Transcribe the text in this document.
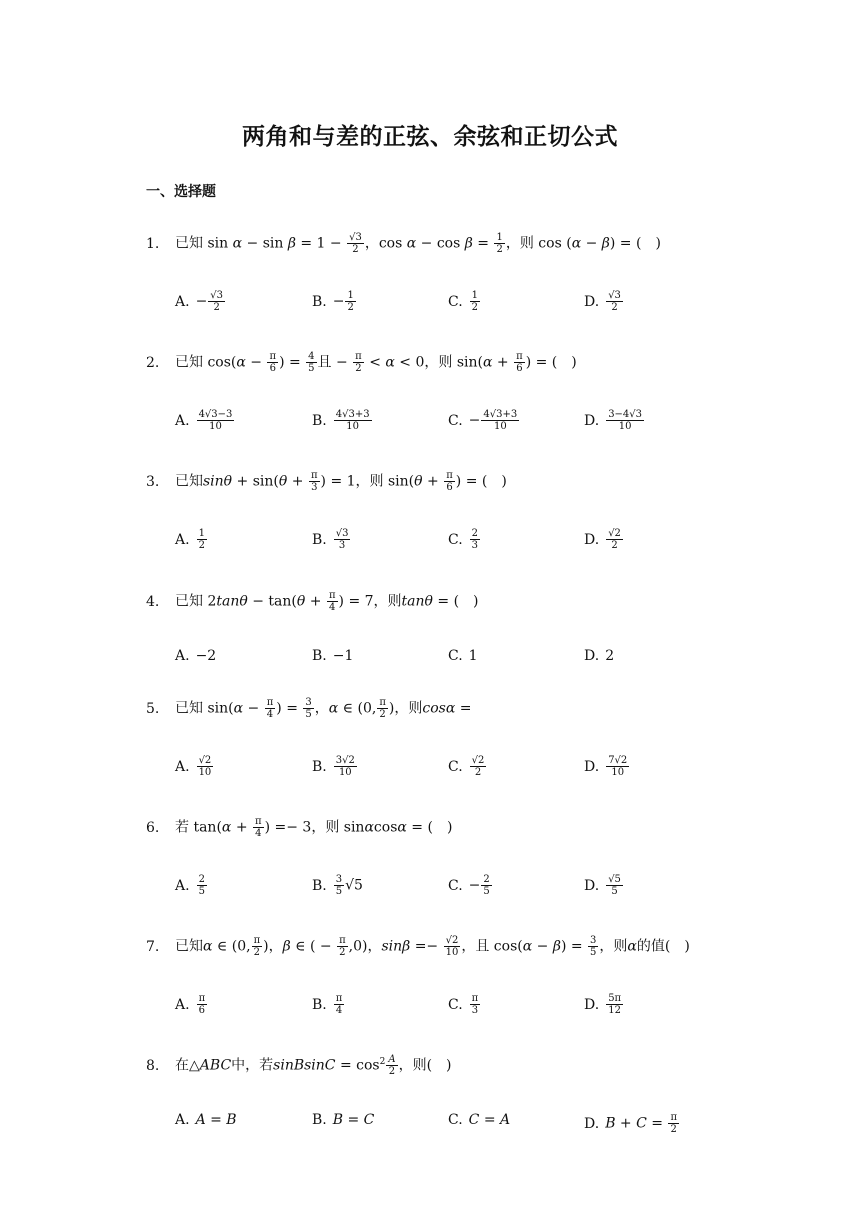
两角和与差的正弦、余弦和正切公式
一、选择题
1. 已知 $\sin \alpha - \sin \beta = 1 - \frac{√3}{2}$ ，$\cos \alpha - \cos \beta = \frac{1}{2}$ ，则 cos (α − β) = (　)
A. − $\frac{√3}{2}$	B. − $\frac{1}{2}$	C. $\frac{1}{2}$	D. $\frac{√3}{2}$
2. 已知 $\cos(\alpha - \frac{\pi}{6}$ ) = $\frac{4}{5}$ 且 − $\frac{\pi}{2} < \alpha < 0$，则 $\sin(\alpha + \frac{\pi}{6}$ ) = (　)
A. $\frac{4√3-3}{10}$	B. $\frac{4√3+3}{10}$	C. − $\frac{4√3+3}{10}$	D. $\frac{3-4√3}{10}$
3. 已知$\sin\theta + \sin(\theta + \frac{\pi}{3}$ ) = 1，则 $\sin(\theta + \frac{\pi}{6}$ ) = (　)
A. $\frac{1}{2}$	B. $\frac{√3}{3}$	C. $\frac{2}{3}$	D. $\frac{√2}{2}$
4. 已知 $2\tan\theta - \tan(\theta + \frac{\pi}{4}$ ) = 7，则tanθ = (　)
A. −2	B. −1	C. 1	D. 2
5. 已知 $\sin(\alpha - \frac{\pi}{4}$ ) = $\frac{3}{5}$ ，α ∈ (0, $\frac{\pi}{2}$ )，则cosα =
A. $\frac{√2}{10}$	B. $\frac{3√2}{10}$	C. $\frac{√2}{2}$	D. $\frac{7√2}{10}$
6. 若 $\tan(\alpha + \frac{\pi}{4}$ ) =− 3，则 sinαcosα = (　)
A. $\frac{2}{5}$	B. $\frac{3}{5} √5$	C. − $\frac{2}{5}$	D. $\frac{√5}{5}$
7. 已知α ∈ (0, $\frac{\pi}{2}$ )，β ∈ ( − $\frac{\pi}{2} ,0$)，$\sin\beta =- \frac{√2}{10}$ ，且 $\cos(\alpha - \beta) = \frac{3}{5}$ ，则α的值(　)
A. $\frac{\pi}{6}$	B. $\frac{\pi}{4}$	C. $\frac{\pi}{3}$	D. $\frac{5\pi}{12}$
8. 在△ABC中，若sinBsinC = $\cos^2 \frac{A}{2}$ ，则(　)
A. A = B	B. B = C	C. C = A	D. $B + C = \frac{\pi}{2}$
